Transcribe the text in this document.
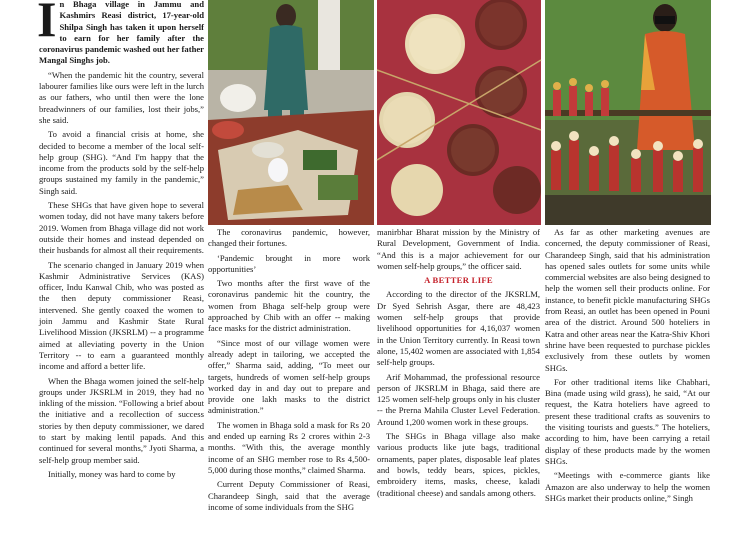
In Bhaga village in Jammu and Kashmirs Reasi district, 17-year-old Shilpa Singh has taken it upon herself to earn for her family after the coronavirus pandemic washed out her father Mangal Singhs job.

“When the pandemic hit the country, several labourer families like ours were left in the lurch as our fathers, who until then were the lone breadwinners of our families, lost their jobs,” she said.

To avoid a financial crisis at home, she decided to become a member of the local self-help group (SHG). “And I'm happy that the income from the products sold by the self-help groups sustained my family in the pandemic,” Singh said.

These SHGs that have given hope to several women today, did not have many takers before 2019. Women from Bhaga village did not work outside their homes and instead depended on their husbands for almost all their requirements.

The scenario changed in January 2019 when Kashmir Administrative Services (KAS) officer, Indu Kanwal Chib, who was posted as the then deputy commissioner Reasi, intervened. She gently coaxed the women to join Jammu and Kashmir State Rural Livelihood Mission (JKSRLM) -- a programme aimed at alleviating poverty in the Union Territory -- to earn a guaranteed monthly income and afford a better life.

When the Bhaga women joined the self-help groups under JKSRLM in 2019, they had no inkling of the mission. “Following a brief about the initiative and a recollection of success stories by then deputy commissioner, we dared to start by making lentil papads. And this continued for several months,” Jyoti Sharma, a self-help group member said.

Initially, money was hard to come by

The coronavirus pandemic, however, changed their fortunes.

‘Pandemic brought in more work opportunities’

Two months after the first wave of the coronavirus pandemic hit the country, the women from Bhaga self-help group were approached by Chib with an offer -- making face masks for the district administration.

“Since most of our village women were already adept in tailoring, we accepted the offer,” Sharma said, adding, “To meet our targets, hundreds of women self-help groups worked day in and day out to prepare and provide one lakh masks to the district administration.”

The women in Bhaga sold a mask for Rs 20 and ended up earning Rs 2 crores within 2-3 months. “With this, the average monthly income of an SHG member rose to Rs 4,500-5,000 during those months,” claimed Sharma.

Current Deputy Commissioner of Reasi, Charandeep Singh, said that the average income of some individuals from the SHG

manirbhar Bharat mission by the Ministry of Rural Development, Government of India. “And this is a major achievement for our women self-help groups,” the officer said.

A BETTER LIFE

According to the director of the JKSRLM, Dr Syed Sehrish Asgar, there are 48,423 women self-help groups that provide livelihood opportunities for 4,16,037 women in the Union Territory currently. In Reasi town alone, 15,402 women are associated with 1,854 self-help groups.

Arif Mohammad, the professional resource person of JKSRLM in Bhaga, said there are 125 women self-help groups only in his cluster -- the Prerna Mahila Cluster Level Federation. Around 1,200 women work in these groups.

The SHGs in Bhaga village also make various products like jute bags, traditional ornaments, paper plates, disposable leaf plates and bowls, teddy bears, spices, pickles, embroidery items, masks, cheese, kaladi (traditional cheese) and sandals among others.

As far as other marketing avenues are concerned, the deputy commissioner of Reasi, Charandeep Singh, said that his administration has opened sales outlets for some units while commercial websites are also being designed to help the women sell their products online. For instance, to benefit pickle manufacturing SHGs from Reasi, an outlet has been opened in Pouni area of the district. Around 500 hoteliers in Katra and other areas near the Katra-Shiv Khori shrine have been requested to purchase pickles exclusively from these outlets by women SHGs.

For other traditional items like Chabhari, Bina (made using wild grass), he said, “At our request, the Katra hoteliers have agreed to present these traditional crafts as souvenirs to the visiting tourists and guests.” The hoteliers, according to him, have been carrying a retail display of these products made by the women SHGs.

“Meetings with e-commerce giants like Amazon are also underway to help the women SHGs market their products online,” Singh
